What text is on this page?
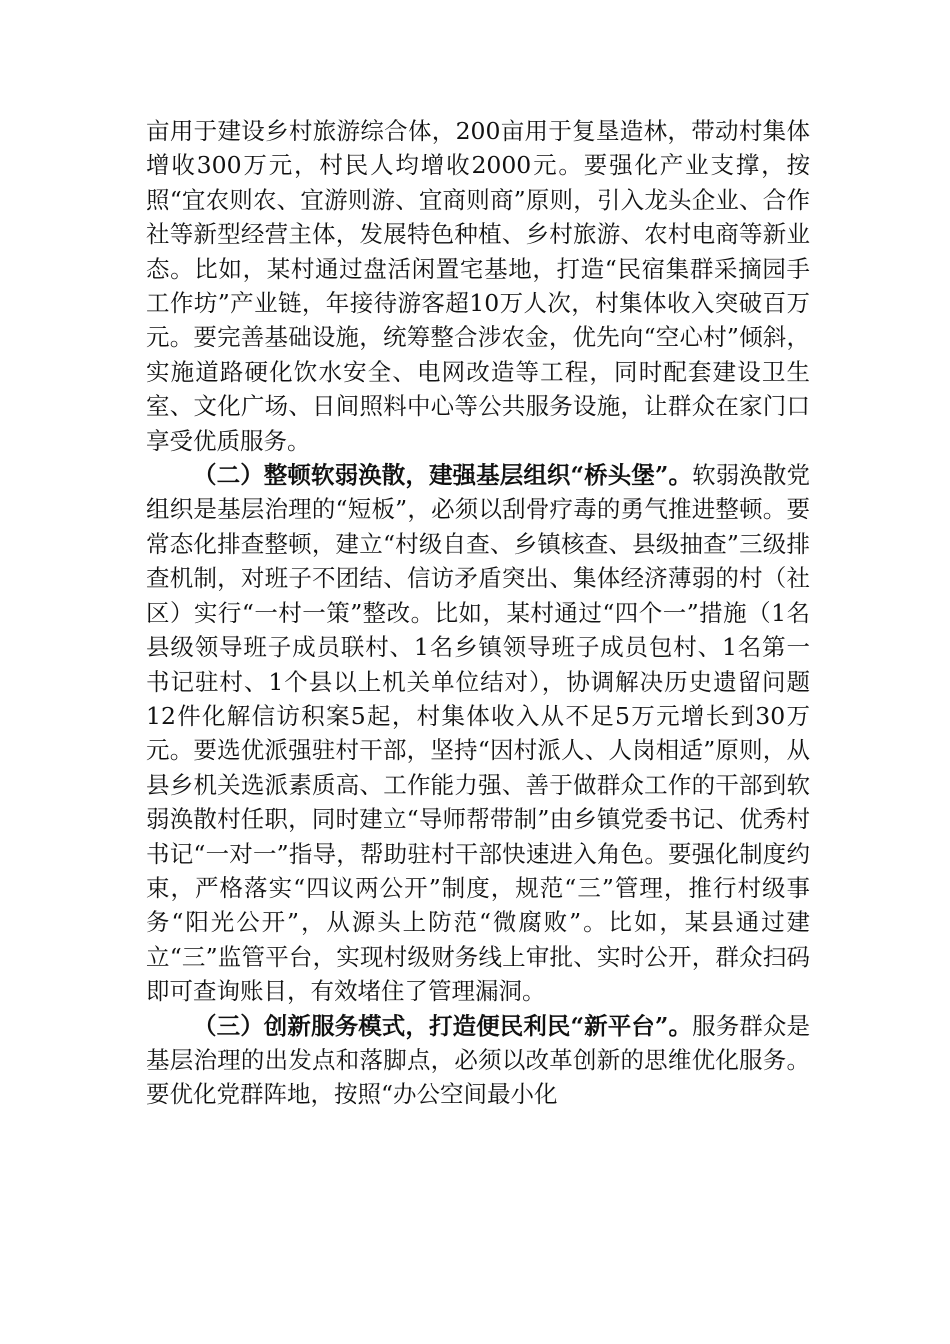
亩用于建设乡村旅游综合体，200亩用于复垦造林，带动村集体增收300万元，村民人均增收2000元。要强化产业支撑，按照“宜农则农、宜游则游、宜商则商”原则，引入龙头企业、合作社等新型经营主体，发展特色种植、乡村旅游、农村电商等新业态。比如，某村通过盘活闲置宅基地，打造“民宿集群采摘园手工作坊”产业链，年接待游客超10万人次，村集体收入突破百万元。要完善基础设施，统筹整合涉农金，优先向“空心村”倾斜，实施道路硬化饮水安全、电网改造等工程，同时配套建设卫生室、文化广场、日间照料中心等公共服务设施，让群众在家门口享受优质服务。

（二）整顿软弱涣散，建强基层组织“桥头堡”。软弱涣散党组织是基层治理的“短板”，必须以刮骨疗毒的勇气推进整顿。要常态化排查整顿，建立“村级自查、乡镇核查、县级抽查”三级排查机制，对班子不团结、信访矛盾突出、集体经济薄弱的村（社区）实行“一村一策”整改。比如，某村通过“四个一”措施（1名县级领导班子成员联村、1名乡镇领导班子成员包村、1名第一书记驻村、1个县以上机关单位结对），协调解决历史遗留问题12件化解信访积案5起，村集体收入从不足5万元增长到30万元。要选优派强驻村干部，坚持“因村派人、人岗相适”原则，从县乡机关选派素质高、工作能力强、善于做群众工作的干部到软弱涣散村任职，同时建立“导师帮带制”由乡镇党委书记、优秀村书记“一对一”指导，帮助驻村干部快速进入角色。要强化制度约束，严格落实“四议两公开”制度，规范“三”管理，推行村级事务“阳光公开”，从源头上防范“微腐败”。比如，某县通过建立“三”监管平台，实现村级财务线上审批、实时公开，群众扫码即可查询账目，有效堵住了管理漏洞。

（三）创新服务模式，打造便民利民“新平台”。服务群众是基层治理的出发点和落脚点，必须以改革创新的思维优化服务。要优化党群阵地，按照“办公空间最小化
